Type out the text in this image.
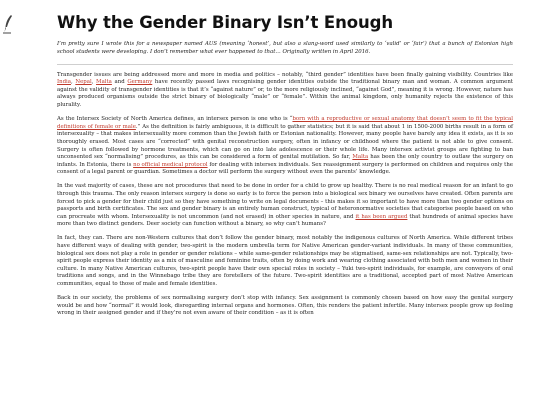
Why the Gender Binary Isn’t Enough

I’m pretty sure I wrote this for a newspaper named AUS (meaning ‘honest’, but also a slang-word used similarly to ‘valid’ or ‘fair’) that a bunch of Estonian high school students were developing. I don’t remember what ever happened to that… Originally written in April 2016.

Transgender issues are being addressed more and more in media and politics – notably, “third gender” identities have been finally gaining visibility. Countries like India, Nepal, Malta and Germany have recently passed laws recognising gender identities outside the traditional binary man and woman. A common argument against the validity of transgender identities is that it’s “against nature” or, to the more religiously inclined, “against God”, meaning it is wrong. However, nature has always produced organisms outside the strict binary of biologically “male” or “female”. Within the animal kingdom, only humanity rejects the existence of this plurality.

As the Intersex Society of North America defines, an intersex person is one who is “born with a reproductive or sexual anatomy that doesn’t seem to fit the typical definitions of female or male.” As the definition is fairly ambiguous, it is difficult to gather statistics; but it is said that about 1 in 1500-2000 births result in a form of intersexuality – that makes intersexuality more common than the Jewish faith or Estonian nationality. However, many people have barely any idea it exists, as it is so thoroughly erased. Most cases are “corrected” with genital reconstruction surgery, often in infancy or childhood where the patient is not able to give consent. Surgery is often followed by hormone treatments, which can go on into late adolescence or their whole life. Many intersex activist groups are fighting to ban unconsented sex “normalising” procedures, as this can be considered a form of genital mutilation. So far, Malta has been the only country to outlaw the surgery on infants. In Estonia, there is no official medical protocol for dealing with intersex individuals. Sex reassignment surgery is performed on children and requires only the consent of a legal parent or guardian. Sometimes a doctor will perform the surgery without even the parents’ knowledge.

In the vast majority of cases, these are not procedures that need to be done in order for a child to grow up healthy. There is no real medical reason for an infant to go through this trauma. The only reason intersex surgery is done so early is to force the person into a biological sex binary we ourselves have created. Often parents are forced to pick a gender for their child just so they have something to write on legal documents – this makes it so important to have more than two gender options on passports and birth certificates. The sex and gender binary is an entirely human construct, typical of heteronormative societies that categorise people based on who can procreate with whom. Intersexuality is not uncommon (and not erased) in other species in nature, and it has been argued that hundreds of animal species have more than two distinct genders. Deer society can function without a binary, so why can’t humans?

In fact, they can. There are non-Western cultures that don’t follow the gender binary, most notably the indigenous cultures of North America. While different tribes have different ways of dealing with gender, two-spirit is the modern umbrella term for Native American gender-variant individuals. In many of these communities, biological sex does not play a role in gender or gender relations – while same-gender relationships may be stigmatised, same-sex relationships are not. Typically, two-spirit people express their identity as a mix of masculine and feminine traits, often by doing work and wearing clothing associated with both men and women in their culture. In many Native American cultures, two-spirit people have their own special roles in society – Yuki two-spirit individuals, for example, are conveyors of oral traditions and songs, and in the Winnebago tribe they are foretellers of the future. Two-spirit identities are a traditional, accepted part of most Native American communities, equal to those of male and female identities.

Back in our society, the problems of sex normalising surgery don’t stop with infancy. Sex assignment is commonly chosen based on how easy the genital surgery would be and how “normal” it would look, disregarding internal organs and hormones. Often, this renders the patient infertile. Many intersex people grow up feeling wrong in their assigned gender and if they’re not even aware of their condition – as it is often
